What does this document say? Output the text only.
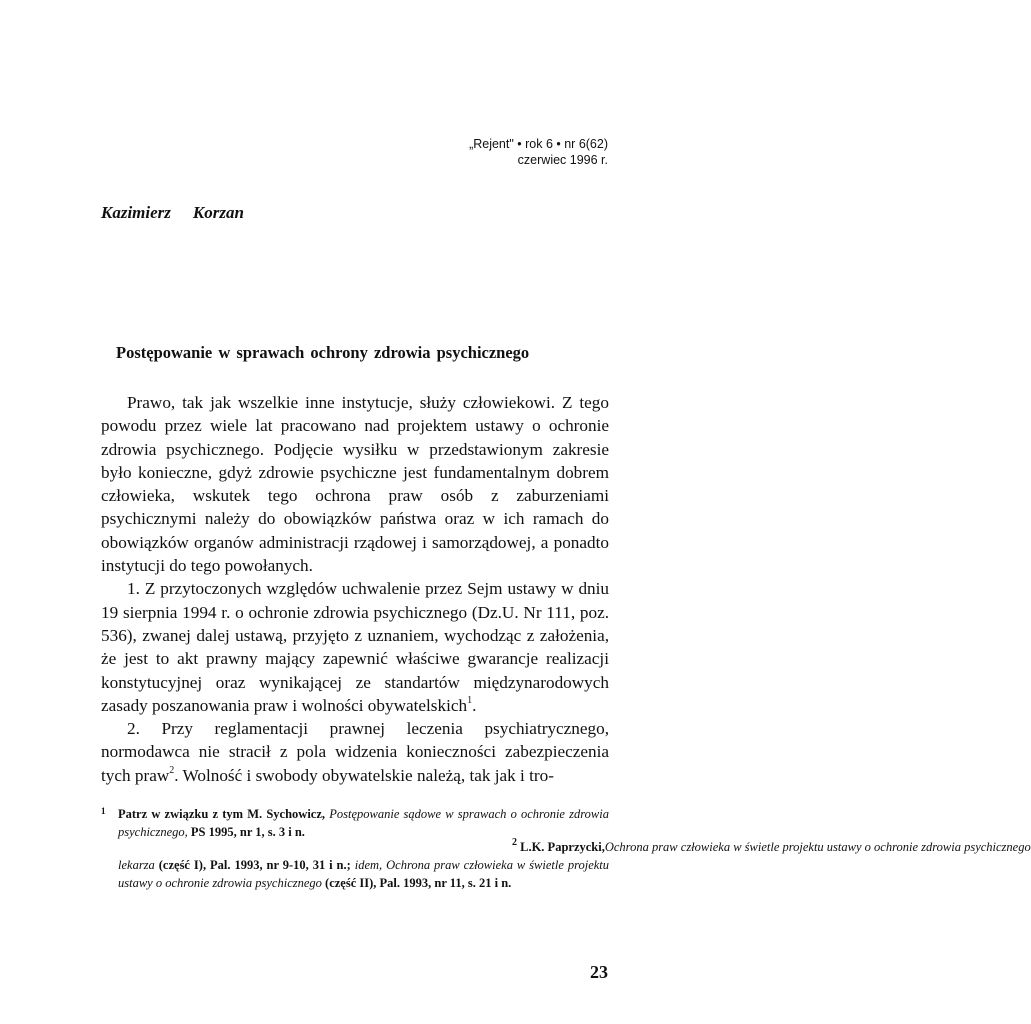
„Rejent" • rok 6 • nr 6(62)
czerwiec 1996 r.
Kazimierz Korzan
Postępowanie w sprawach ochrony zdrowia psychicznego

Prawo, tak jak wszelkie inne instytucje, służy człowiekowi. Z tego powodu przez wiele lat pracowano nad projektem ustawy o ochronie zdrowia psychicznego. Podjęcie wysiłku w przedstawionym zakresie było konieczne, gdyż zdrowie psychiczne jest fundamentalnym dobrem człowieka, wskutek tego ochrona praw osób z zaburzeniami psychicznymi należy do obowiązków państwa oraz w ich ramach do obowiązków organów administracji rządowej i samorządowej, a ponadto instytucji do tego powołanych.

1. Z przytoczonych względów uchwalenie przez Sejm ustawy w dniu 19 sierpnia 1994 r. o ochronie zdrowia psychicznego (Dz.U. Nr 111, poz. 536), zwanej dalej ustawą, przyjęto z uznaniem, wychodząc z założenia, że jest to akt prawny mający zapewnić właściwe gwarancje realizacji konstytucyjnej oraz wynikającej ze standartów międzynarodowych zasady poszanowania praw i wolności obywatelskich$^1$.

2. Przy reglamentacji prawnej leczenia psychiatrycznego, normodawca nie stracił z pola widzenia konieczności zabezpieczenia tych praw$^2$. Wolność i swobody obywatelskie należą, tak jak i tro-

1 Patrz w związku z tym M. Sychowicz, Postępowanie sądowe w sprawach o ochronie zdrowia psychicznego, PS 1995, nr 1, s. 3 i n.
$^2$ L.K. Paprzycki,Ochrona praw człowieka w świetle projektu ustawy o ochronie zdrowia psychicznego
lekarza (część I), Pal. 1993, nr 9-10, 31 i n.; idem, Ochrona praw człowieka w świetle projektu ustawy o ochronie zdrowia psychicznego (część II), Pal. 1993, nr 11, s. 21 i n.
23
